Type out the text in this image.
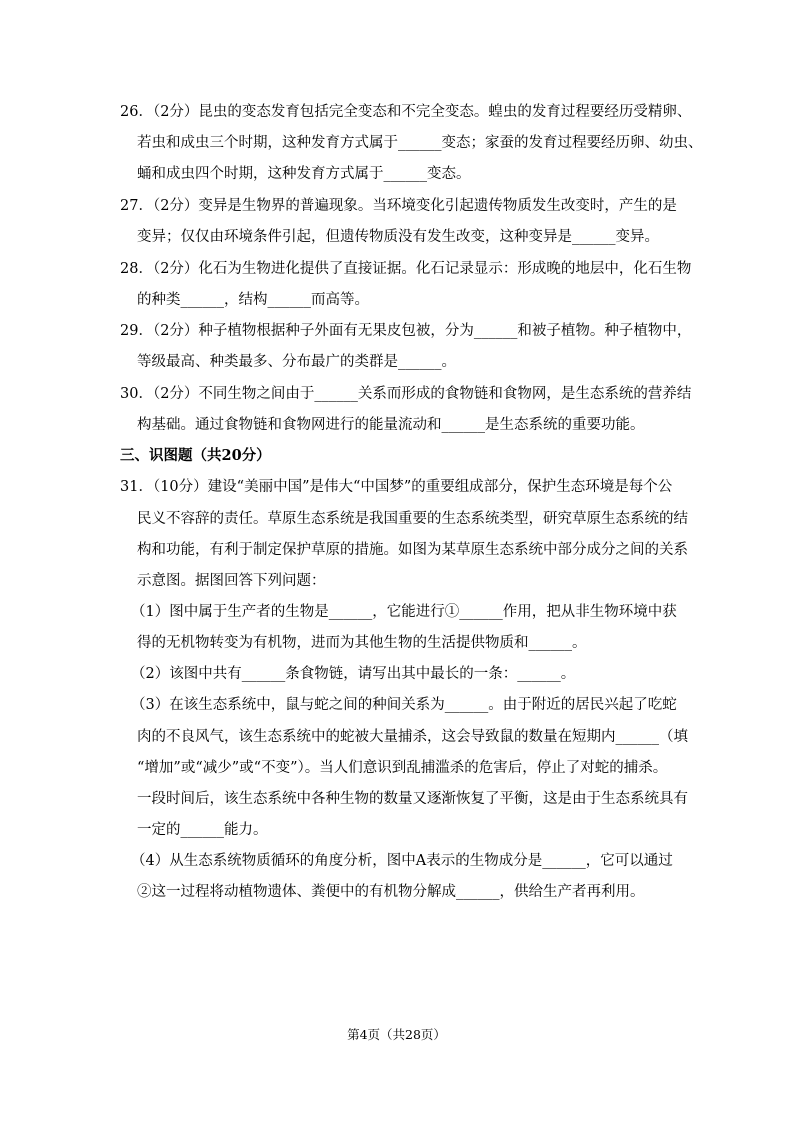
26．（2分）昆虫的变态发育包括完全变态和不完全变态。蝗虫的发育过程要经历受精卵、
若虫和成虫三个时期，这种发育方式属于______变态；家蚕的发育过程要经历卵、幼虫、
蛹和成虫四个时期，这种发育方式属于______变态。
27．（2分）变异是生物界的普遍现象。当环境变化引起遗传物质发生改变时，产生的是
变异；仅仅由环境条件引起，但遗传物质没有发生改变，这种变异是______变异。
28．（2分）化石为生物进化提供了直接证据。化石记录显示：形成晚的地层中，化石生物
的种类______，结构______而高等。
29．（2分）种子植物根据种子外面有无果皮包被，分为______和被子植物。种子植物中，
等级最高、种类最多、分布最广的类群是______。
30．（2分）不同生物之间由于______关系而形成的食物链和食物网，是生态系统的营养结
构基础。通过食物链和食物网进行的能量流动和______是生态系统的重要功能。
三、识图题（共20分）
31．（10分）建设“美丽中国”是伟大“中国梦”的重要组成部分，保护生态环境是每个公
民义不容辞的责任。草原生态系统是我国重要的生态系统类型，研究草原生态系统的结
构和功能，有利于制定保护草原的措施。如图为某草原生态系统中部分成分之间的关系
示意图。据图回答下列问题：
（1）图中属于生产者的生物是______，它能进行①______作用，把从非生物环境中获
得的无机物转变为有机物，进而为其他生物的生活提供物质和______。
（2）该图中共有______条食物链，请写出其中最长的一条：______。
（3）在该生态系统中，鼠与蛇之间的种间关系为______。由于附近的居民兴起了吃蛇
肉的不良风气，该生态系统中的蛇被大量捕杀，这会导致鼠的数量在短期内______（填
“增加”或“减少”或“不变”）。当人们意识到乱捕滥杀的危害后，停止了对蛇的捕杀。
一段时间后，该生态系统中各种生物的数量又逐渐恢复了平衡，这是由于生态系统具有
一定的______能力。
（4）从生态系统物质循环的角度分析，图中A表示的生物成分是______，它可以通过
②这一过程将动植物遗体、粪便中的有机物分解成______，供给生产者再利用。
第4页（共28页）
